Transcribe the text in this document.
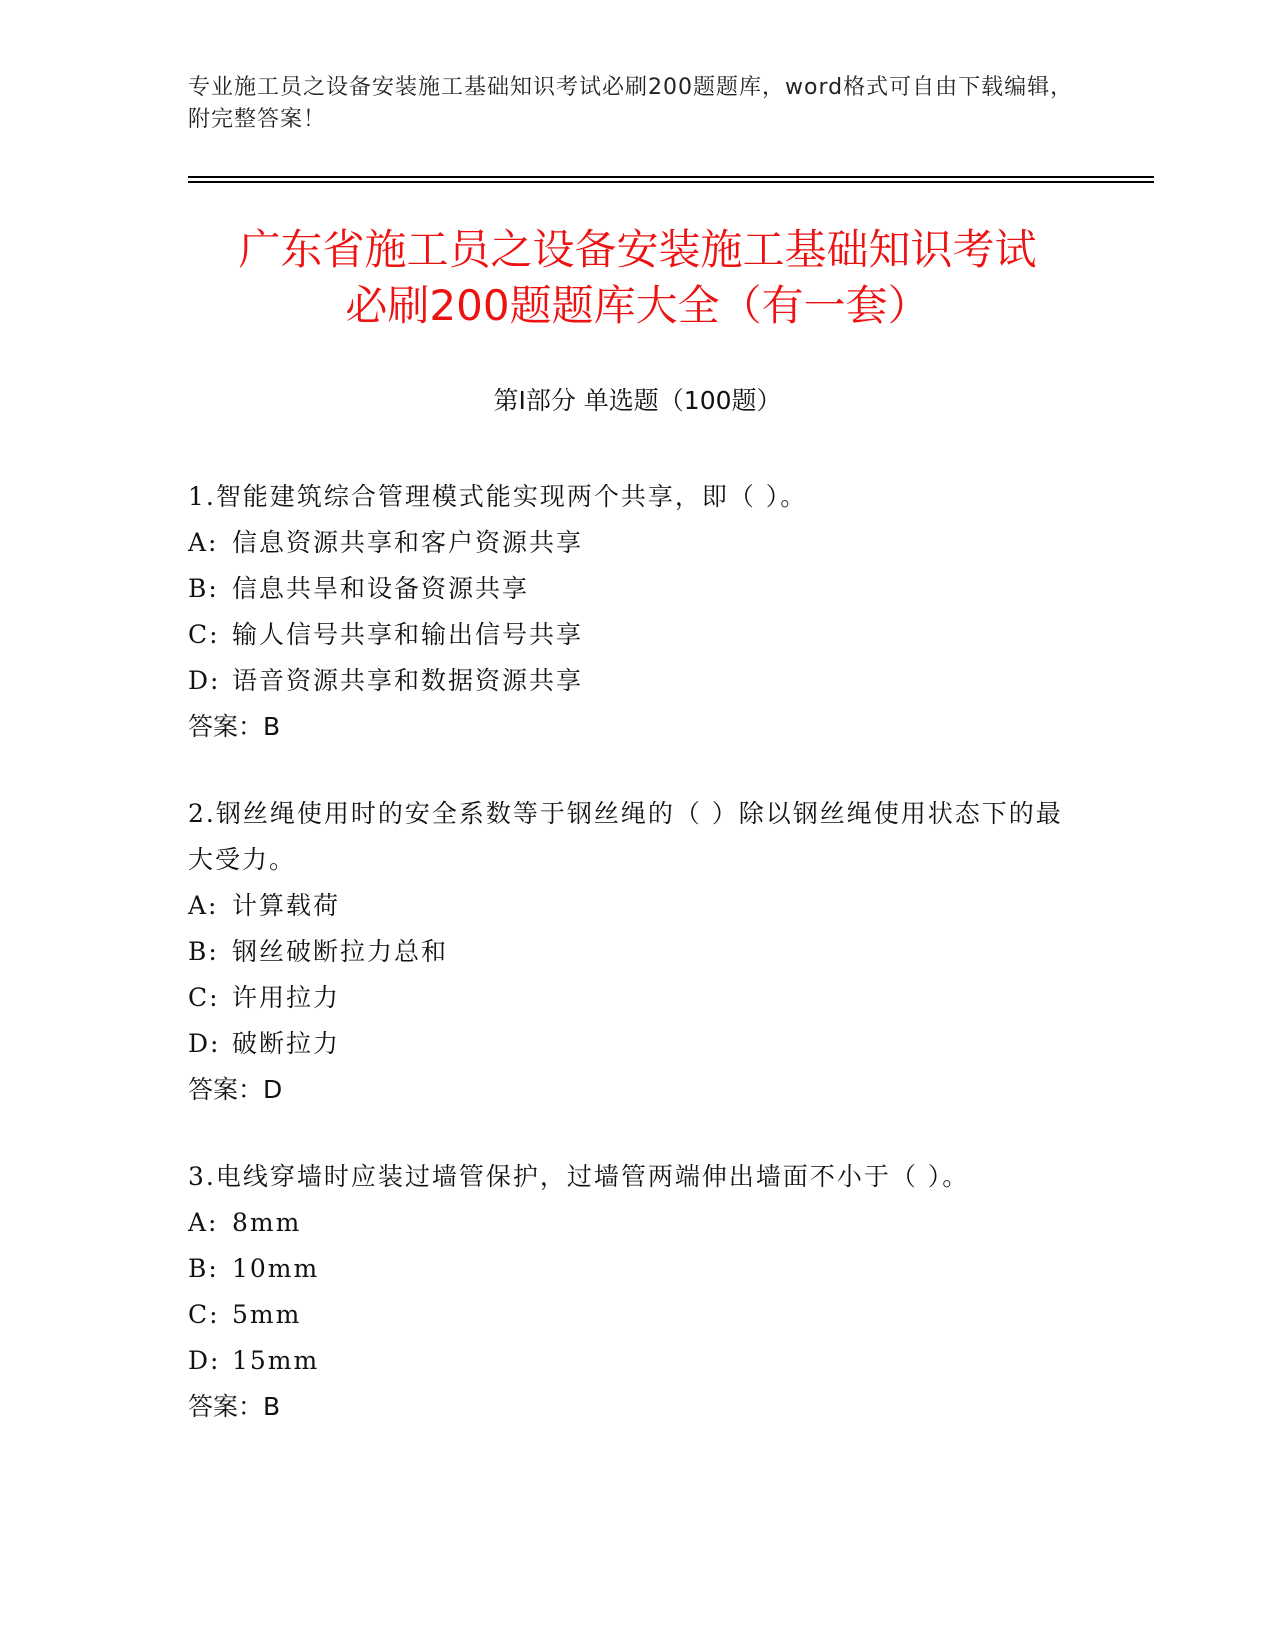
专业施工员之设备安装施工基础知识考试必刷200题题库，word格式可自由下载编辑，附完整答案！
广东省施工员之设备安装施工基础知识考试
必刷200题题库大全（有一套）
第Ⅰ部分 单选题（100题）

1.智能建筑综合管理模式能实现两个共享，即（ ）。

A: 信息资源共享和客户资源共享

B: 信息共旱和设备资源共享

C: 输人信号共享和输出信号共享

D: 语音资源共享和数据资源共享

答案：B

2.钢丝绳使用时的安全系数等于钢丝绳的（ ）除以钢丝绳使用状态下的最大受力。

A: 计算载荷

B: 钢丝破断拉力总和

C: 许用拉力

D: 破断拉力

答案：D

3.电线穿墙时应装过墙管保护，过墙管两端伸出墙面不小于（ ）。

A: 8mm

B: 10mm

C: 5mm

D: 15mm

答案：B
